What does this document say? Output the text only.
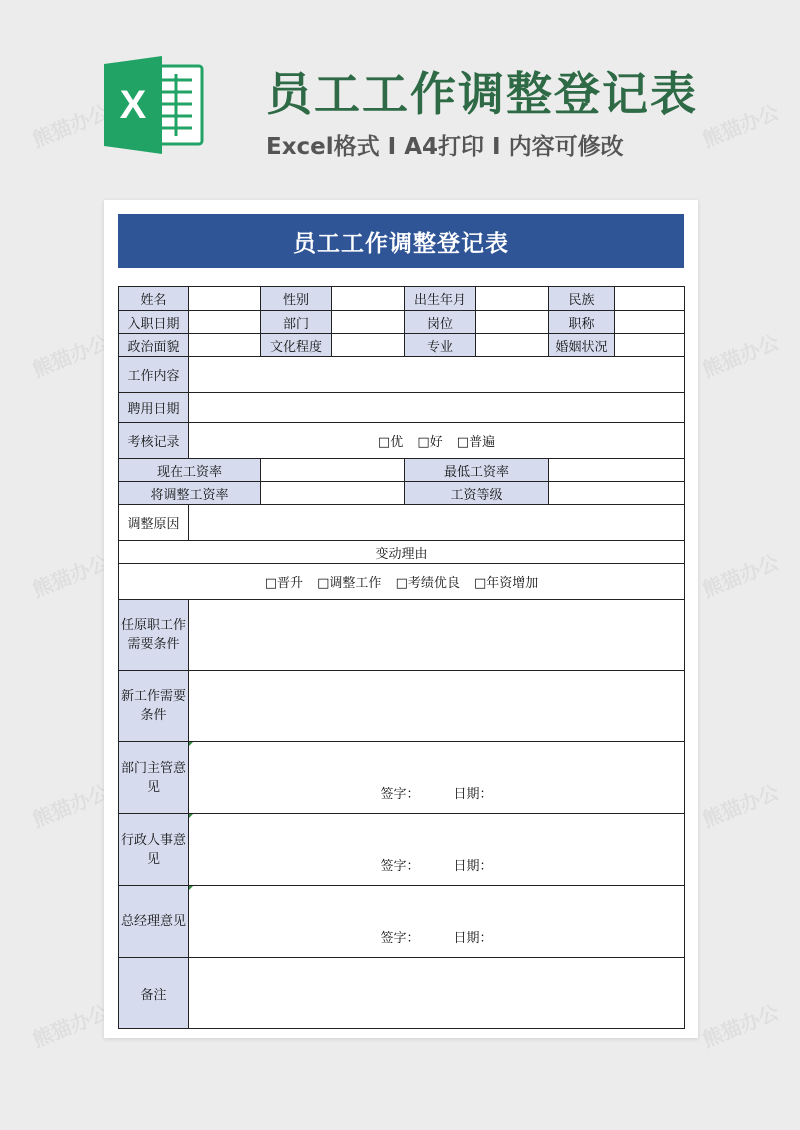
熊猫办公	熊猫办公
熊猫办公	熊猫办公
熊猫办公	熊猫办公
熊猫办公	熊猫办公
熊猫办公	熊猫办公
X	员工工作调整登记表
Excel格式 I A4打印 I 内容可修改
员工工作调整登记表
姓名		性别		出生年月		民族	
入职日期		部门		岗位		职称	
政治面貌		文化程度		专业		婚姻状况	
工作内容							
聘用日期							
考核记录	□优 □好 □普遍						
现在工资率				最低工资率			
将调整工资率				工资等级			
调整原因							
变动理由							
□晋升 □调整工作 □考绩优良 □年资增加							
任原职工作需要条件							
新工作需要条件							
部门主管意见	签字： 日期：						

行政人事意见	签字： 日期：						

总经理意见	签字： 日期：						

备注							
